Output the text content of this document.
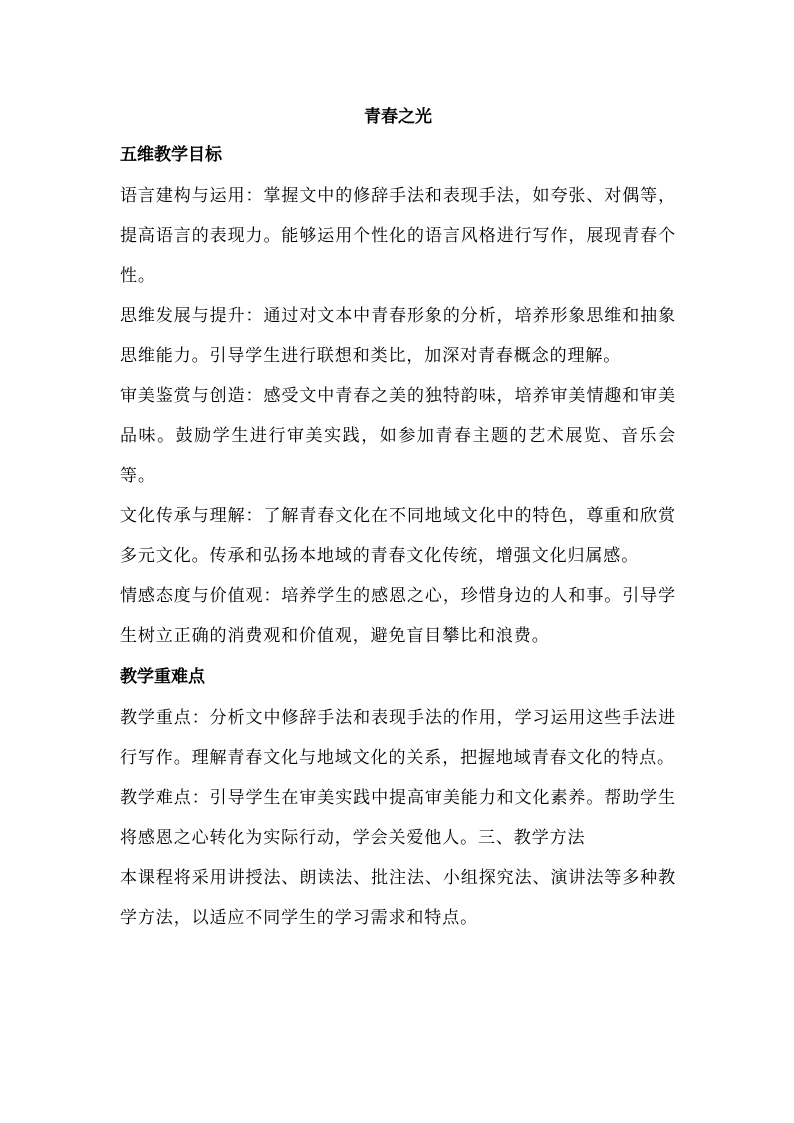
青春之光

五维教学目标

语言建构与运用：掌握文中的修辞手法和表现手法，如夸张、对偶等，提高语言的表现力。能够运用个性化的语言风格进行写作，展现青春个性。

思维发展与提升：通过对文本中青春形象的分析，培养形象思维和抽象思维能力。引导学生进行联想和类比，加深对青春概念的理解。

审美鉴赏与创造：感受文中青春之美的独特韵味，培养审美情趣和审美品味。鼓励学生进行审美实践，如参加青春主题的艺术展览、音乐会等。

文化传承与理解：了解青春文化在不同地域文化中的特色，尊重和欣赏多元文化。传承和弘扬本地域的青春文化传统，增强文化归属感。

情感态度与价值观：培养学生的感恩之心，珍惜身边的人和事。引导学生树立正确的消费观和价值观，避免盲目攀比和浪费。

教学重难点

教学重点：分析文中修辞手法和表现手法的作用，学习运用这些手法进行写作。理解青春文化与地域文化的关系，把握地域青春文化的特点。

教学难点：引导学生在审美实践中提高审美能力和文化素养。帮助学生将感恩之心转化为实际行动，学会关爱他人。三、教学方法

本课程将采用讲授法、朗读法、批注法、小组探究法、演讲法等多种教学方法，以适应不同学生的学习需求和特点。
